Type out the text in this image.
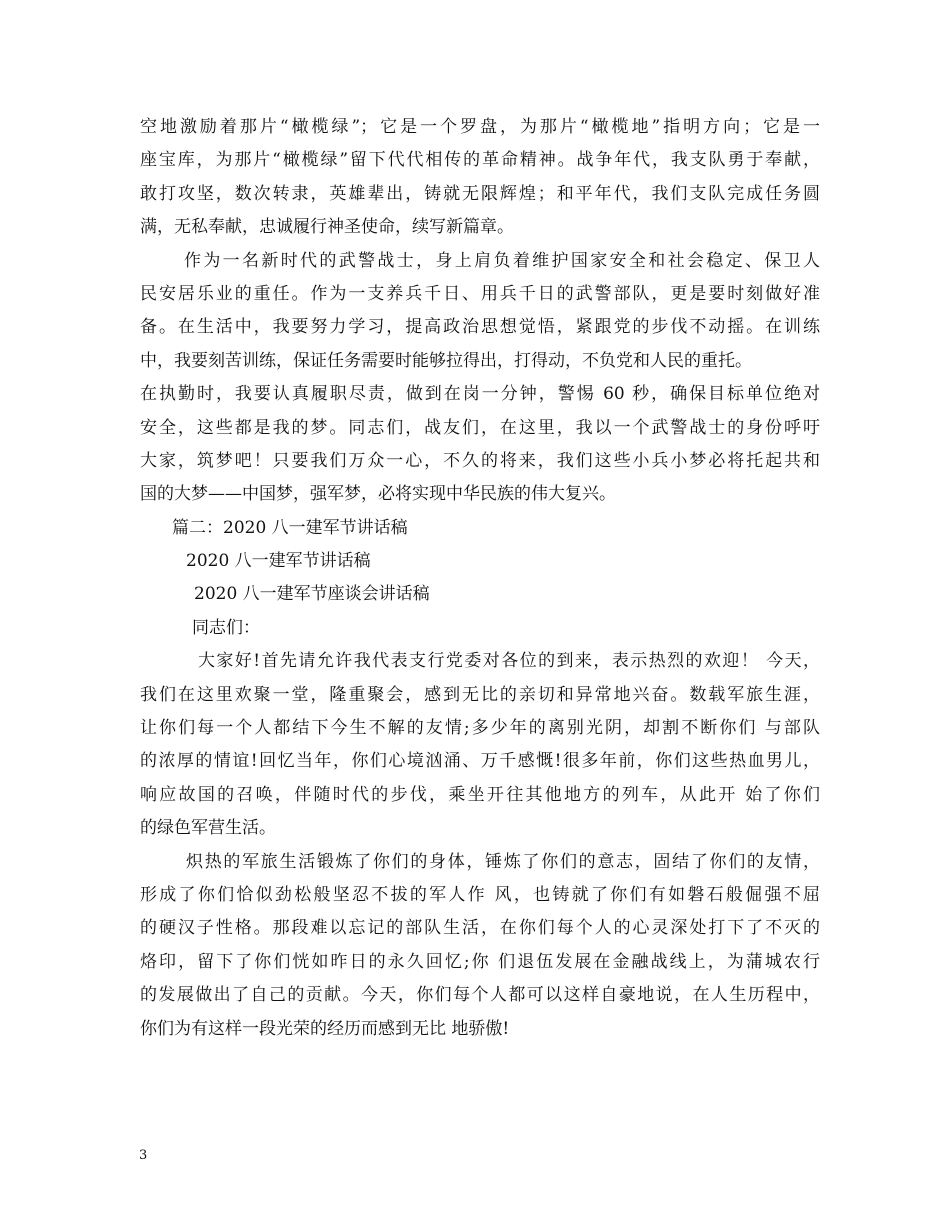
空地激励着那片“橄榄绿”；它是一个罗盘，为那片“橄榄地”指明方向；它是一
座宝库，为那片“橄榄绿”留下代代相传的革命精神。战争年代，我支队勇于奉献，
敢打攻坚，数次转隶，英雄辈出，铸就无限辉煌；和平年代，我们支队完成任务圆
满，无私奉献，忠诚履行神圣使命，续写新篇章。
作为一名新时代的武警战士，身上肩负着维护国家安全和社会稳定、保卫人
民安居乐业的重任。作为一支养兵千日、用兵千日的武警部队，更是要时刻做好准
备。在生活中，我要努力学习，提高政治思想觉悟，紧跟党的步伐不动摇。在训练
中，我要刻苦训练，保证任务需要时能够拉得出，打得动，不负党和人民的重托。
在执勤时，我要认真履职尽责，做到在岗一分钟，警惕 60 秒，确保目标单位绝对
安全，这些都是我的梦。同志们，战友们，在这里，我以一个武警战士的身份呼吁
大家，筑梦吧！只要我们万众一心，不久的将来，我们这些小兵小梦必将托起共和
国的大梦——中国梦，强军梦，必将实现中华民族的伟大复兴。
篇二：2020 八一建军节讲话稿
2020 八一建军节讲话稿
2020 八一建军节座谈会讲话稿
同志们：
大家好!首先请允许我代表支行党委对各位的到来，表示热烈的欢迎！ 今天，
我们在这里欢聚一堂，隆重聚会，感到无比的亲切和异常地兴奋。数载军旅生涯，
让你们每一个人都结下今生不解的友情;多少年的离别光阴，却割不断你们 与部队
的浓厚的情谊!回忆当年，你们心境汹涌、万千感慨!很多年前，你们这些热血男儿，
响应故国的召唤，伴随时代的步伐，乘坐开往其他地方的列车，从此开 始了你们
的绿色军营生活。
炽热的军旅生活锻炼了你们的身体，锤炼了你们的意志，固结了你们的友情，
形成了你们恰似劲松般坚忍不拔的军人作 风，也铸就了你们有如磐石般倔强不屈
的硬汉子性格。那段难以忘记的部队生活，在你们每个人的心灵深处打下了不灭的
烙印，留下了你们恍如昨日的永久回忆;你 们退伍发展在金融战线上，为蒲城农行
的发展做出了自己的贡献。今天，你们每个人都可以这样自豪地说，在人生历程中，
你们为有这样一段光荣的经历而感到无比 地骄傲!
3
